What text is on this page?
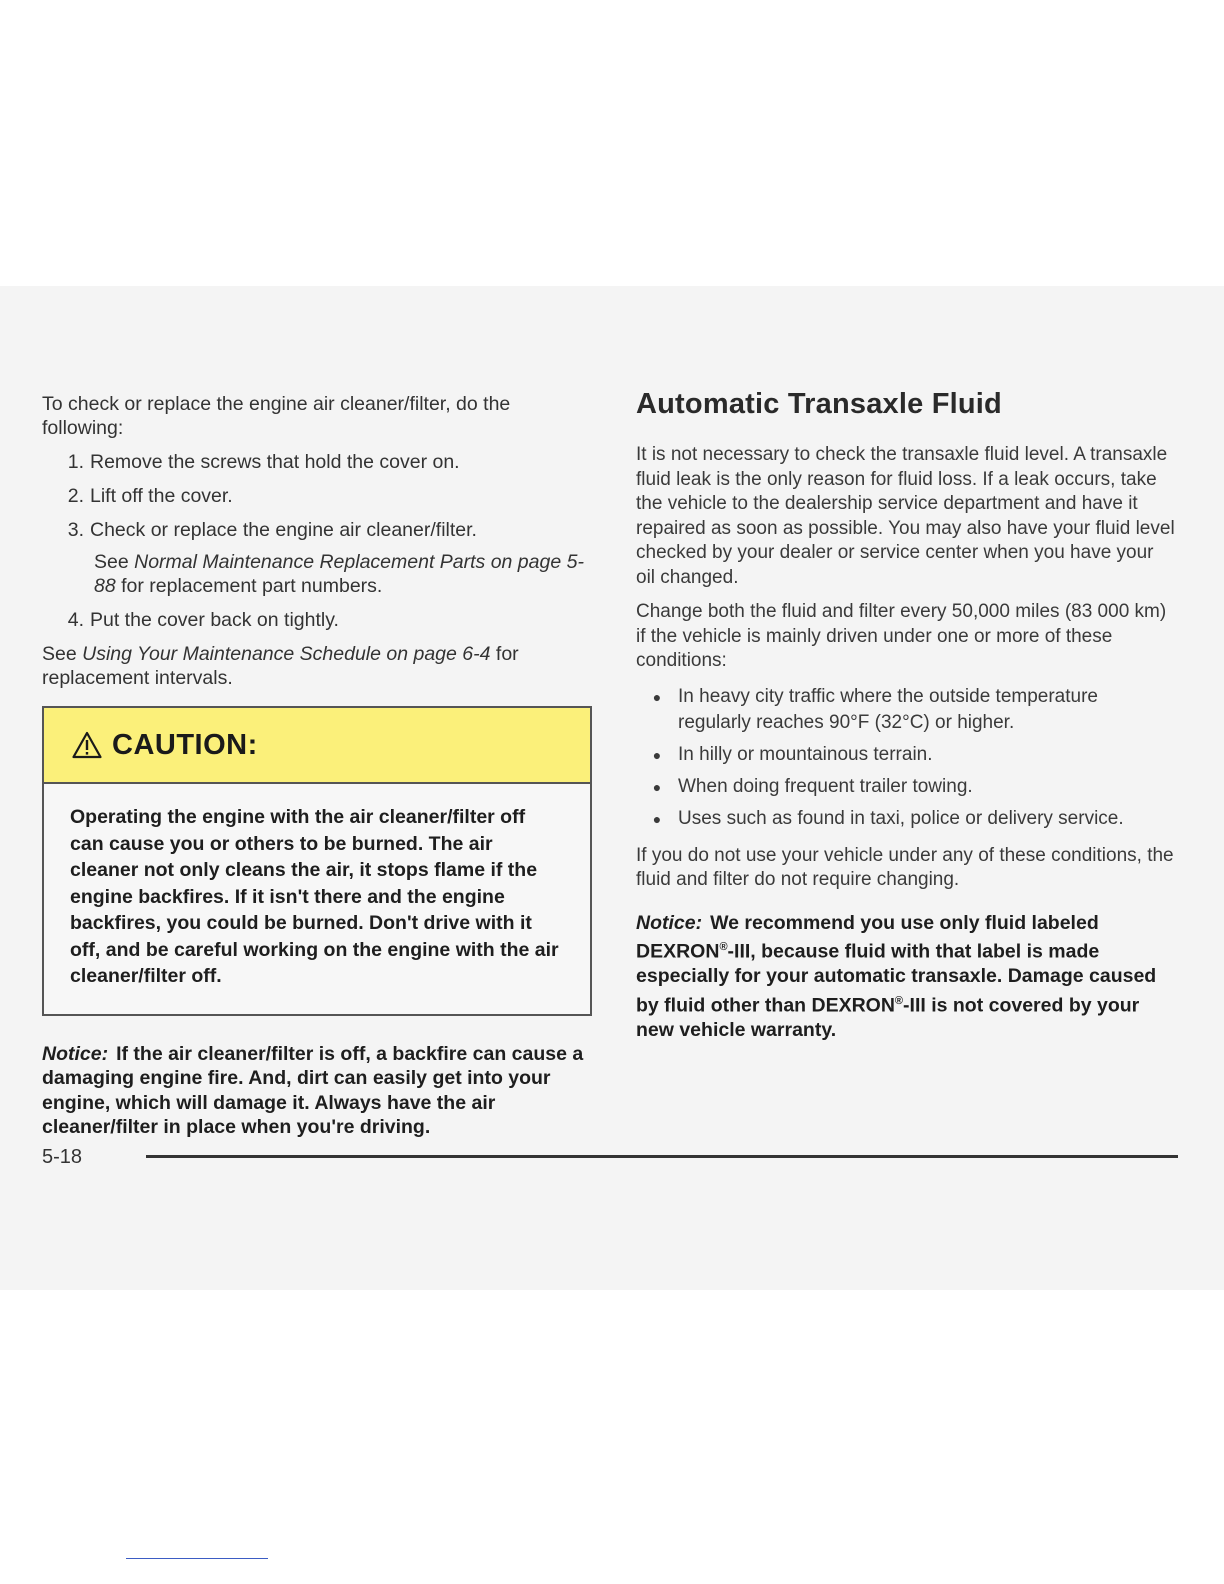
To check or replace the engine air cleaner/filter, do the following:

1. Remove the screws that hold the cover on.
2. Lift off the cover.
3. Check or replace the engine air cleaner/filter.
See Normal Maintenance Replacement Parts on page 5-88 for replacement part numbers.
4. Put the cover back on tightly.

See Using Your Maintenance Schedule on page 6-4 for replacement intervals.

CAUTION:
Operating the engine with the air cleaner/filter off can cause you or others to be burned. The air cleaner not only cleans the air, it stops flame if the engine backfires. If it isn't there and the engine backfires, you could be burned. Don't drive with it off, and be careful working on the engine with the air cleaner/filter off.

Notice: If the air cleaner/filter is off, a backfire can cause a damaging engine fire. And, dirt can easily get into your engine, which will damage it. Always have the air cleaner/filter in place when you're driving.

Automatic Transaxle Fluid

It is not necessary to check the transaxle fluid level. A transaxle fluid leak is the only reason for fluid loss. If a leak occurs, take the vehicle to the dealership service department and have it repaired as soon as possible. You may also have your fluid level checked by your dealer or service center when you have your oil changed.

Change both the fluid and filter every 50,000 miles (83 000 km) if the vehicle is mainly driven under one or more of these conditions:

● In heavy city traffic where the outside temperature regularly reaches 90°F (32°C) or higher.
● In hilly or mountainous terrain.
● When doing frequent trailer towing.
● Uses such as found in taxi, police or delivery service.

If you do not use your vehicle under any of these conditions, the fluid and filter do not require changing.

Notice: We recommend you use only fluid labeled DEXRON®-III, because fluid with that label is made especially for your automatic transaxle. Damage caused by fluid other than DEXRON®-III is not covered by your new vehicle warranty.

5-18
